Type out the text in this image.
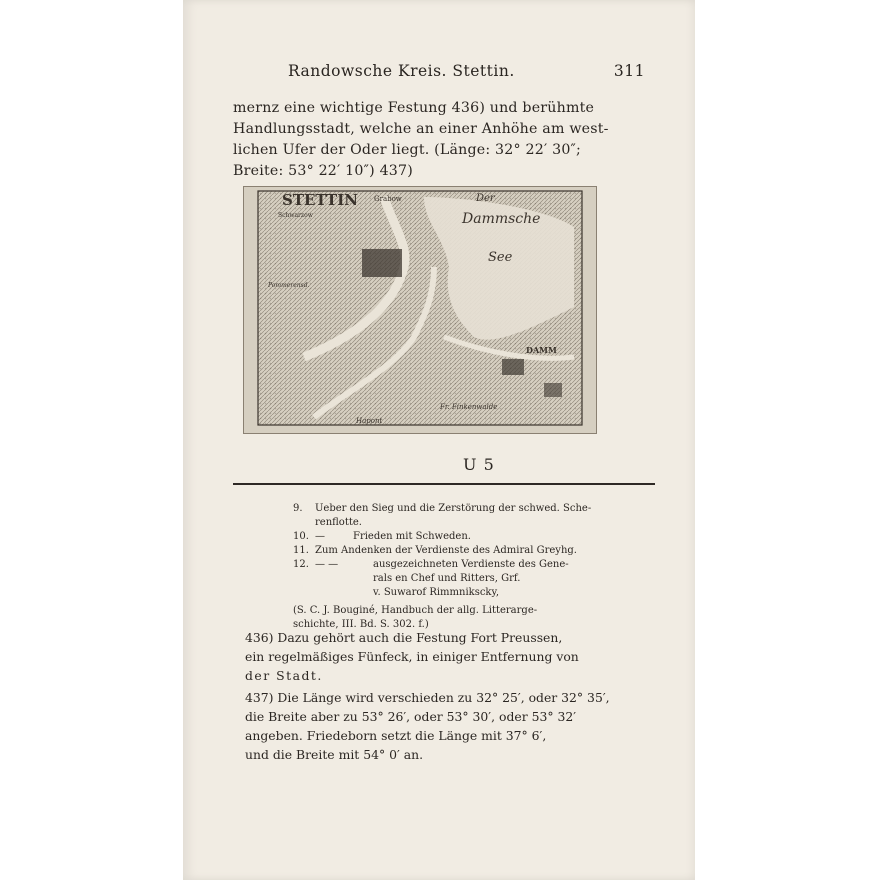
Randowsche Kreis. Stettin.	311
mernz eine wichtige Festung 436) und berühmte
Handlungsstadt, welche an einer Anhöhe am west-
lichen Ufer der Oder liegt. (Länge: 32° 22′ 30″;
Breite: 53° 22′ 10″) 437)
STETTIN Grabow
Schwarzow
Der
Dammsche
See
Pommerensd.
DAMM
Fr. Finkenwalde
Hapont
U 5
9.	Ueber den Sieg und die Zerstörung der schwed. Sche-
renflotte.
10. —	Frieden mit Schweden.
11. Zum Andenken der Verdienste des Admiral Greyhg.
12. — —	ausgezeichneten Verdienste des Gene-
rals en Chef und Ritters, Grf.
v. Suwarof Rimmnikscky,
(S. C. J. Bouginé, Handbuch der allg. Litterarge-
schichte, III. Bd. S. 302. f.)
436) Dazu gehört auch die Festung Fort Preussen,
ein regelmäßiges Fünfeck, in einiger Entfernung von
der Stadt.
437) Die Länge wird verschieden zu 32° 25′, oder 32° 35′,
die Breite aber zu 53° 26′, oder 53° 30′, oder 53° 32′
angeben. Friedeborn setzt die Länge mit 37° 6′,
und die Breite mit 54° 0′ an.
